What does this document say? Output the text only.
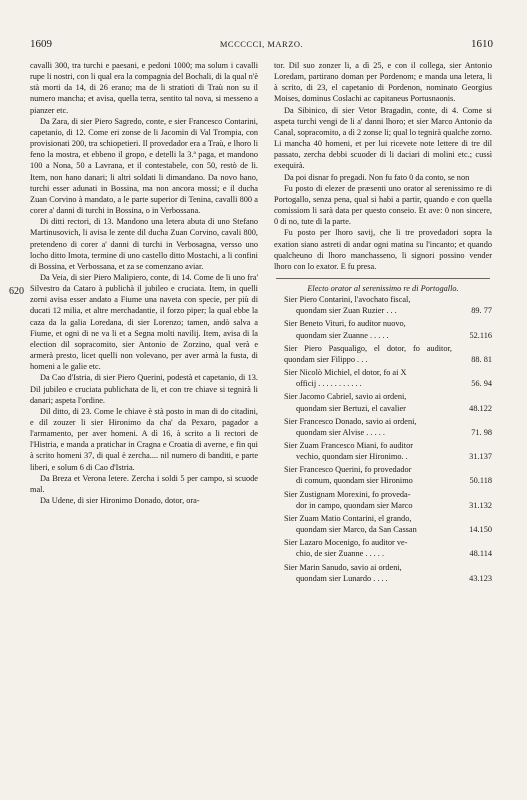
1609	MCCCCCI, MARZO.	1610
620

cavalli 300, tra turchi e paesani, e pedoni 1000; ma solum i cavalli rupe li nostri, con li qual era la compagnia del Bochali, di la qual n'è stà morti da 14, di 26 erano; ma de li stratioti di Traù non su il numero mancha; et avisa, quella terra, sentito tal nova, si messeno a pianzer etc.

Da Zara, di sier Piero Sagredo, conte, e sier Francesco Contarini, capetanio, di 12. Come eri zonse de li Jacomin di Val Trompia, con provisionati 200, tra schiopetieri. Il provedador era a Traù, e lhoro li feno la mostra, et ebbeno il gropo, e detelli la 3.ª paga, et mandono 100 a Nona, 50 a Lavrana, et il contestabele, con 50, restò de li. Item, non hano danari; li altri soldati li dimandano. Da novo hano, turchi esser adunati in Bossina, ma non ancora mossi; e il ducha Zuan Corvino à mandato, a le parte superior di Tenina, cavalli 800 a corer a' danni di turchi in Bossina, o in Verbossana.

Di ditti rectori, di 13. Mandono una letera abuta di uno Stefano Martinusovich, li avisa le zente dil ducha Zuan Corvino, cavali 800, pretendeno di corer a' danni di turchi in Verbosagna, versso uno locho ditto Imota, termine di uno castello ditto Mostachi, a li confini di Bossina, et Verbossana, et za se comenzano aviar.

Da Veia, di sier Piero Malipiero, conte, di 14. Come de li uno fra' Silvestro da Cataro à publichà il jubileo e cruciata. Item, in quelli zorni avisa esser andato a Fiume una naveta con specie, per più di ducati 12 milia, et altre merchadantie, il forzo piper; la qual ebbe la caza da la galia Loredana, di sier Lorenzo; tamen, andò salva a Fiume, et ogni di ne va li et a Segna molti navilij. Item, avisa di la election dil sopracomito, sier Antonio de Zorzino, qual verà e armerà presto, licet quelli non volevano, per aver armà la fusta, di homeni a le galie etc.

Da Cao d'Istria, di sier Piero Querini, podestà et capetanio, di 13. Dil jubileo e cruciata publichata de li, et con tre chiave si tegnirà li danari; aspeta l'ordine.

Dil ditto, di 23. Come le chiave è stà posto in man di do citadini, e dil zouzer li sier Hironimo da cha' da Pexaro, pagador a l'armamento, per aver homeni. A dì 16, à scrito a li rectori de l'Histria, e manda a pratichar in Cragna e Croatia di averne, e fin qui à scrito homeni 37, di qual è zercha.... nil numero di banditi, e parte liberi, e solum 6 di Cao d'Istria.

Da Breza et Verona letere. Zercha i soldi 5 per campo, si scuode mal.

Da Udene, di sier Hironimo Donado, dotor, ora-

tor. Dil suo zonzer li, a dì 25, e con il collega, sier Antonio Loredam, partirano doman per Pordenom; e manda una letera, li à scrito, di 23, el capetanio di Pordenon, nominato Georgius Moises, dominus Coslachi ac capitaneus Portusnaonis.

Da Sibinico, di sier Vetor Bragadin, conte, di 4. Come si aspeta turchi vengi de li a' danni lhoro; et sier Marco Antonio da Canal, sopracomito, a dì 2 zonse li; qual lo tegnirà qualche zorno. Li mancha 40 homeni, et per lui ricevete note lettere di tre dil passato, zercha debbi scuoder di li daciari di molini etc.; cussì exequirà.

Da poi disnar fo pregadi. Non fu fato 0 da conto, se non

Fu posto di elezer de præsenti uno orator al serenissimo re di Portogallo, senza pena, qual si habi a partir, quando e con quella comissiom li sarà data per questo conseio. Et ave: 0 non sincere, 0 di no, tute di la parte.

Fu posto per lhoro savij, che li tre provedadori sopra la exation siano astreti di andar ogni matina su l'incanto; et quando qualcheuno di lhoro manchasseno, li signori possino vender lhoro con lo exator. E fu presa.

Electo orator al serenissimo re di Portogallo.

Sier Piero Contarini, l'avochato fiscal,
quondam sier Zuan Ruzier . . .	89. 77
Sier Beneto Vituri, fo auditor nuovo,
quondam sier Zuanne . . . . .	52.116
Sier Piero Pasqualigo, el dotor, fo auditor, quondam sier Filippo . . .	88. 81
Sier Nicolò Michiel, el dotor, fo ai X
officij . . . . . . . . . . .	56. 94
Sier Jacomo Cabriel, savio ai ordeni,
quondam sier Bertuzi, el cavalier	48.122
Sier Francesco Donado, savio ai ordeni,
quondam sier Alvise . . . . .	71. 98
Sier Zuam Francesco Miani, fo auditor
vechio, quondam sier Hironimo. .	31.137
Sier Francesco Querini, fo provedador
di comum, quondam sier Hironimo	50.118
Sier Zustignam Morexini, fo proveda-
dor in campo, quondam sier Marco	31.132
Sier Zuam Matio Contarini, el grando,
quondam sier Marco, da San Cassan	14.150
Sier Lazaro Mocenigo, fo auditor ve-
chio, de sier Zuanne . . . . .	48.114
Sier Marin Sanudo, savio ai ordeni,
quondam sier Lunardo . . . .	43.123
